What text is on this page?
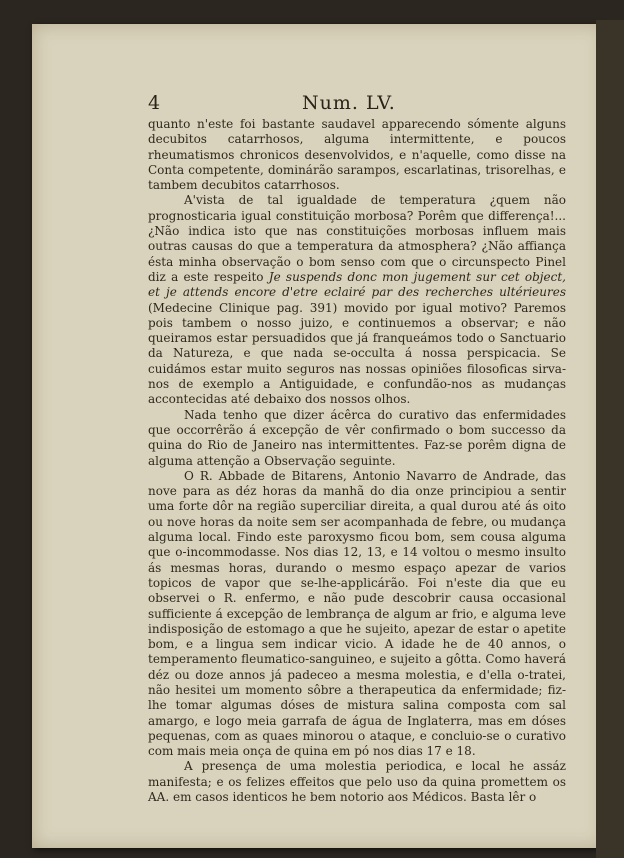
4	Num. LV.

quanto n'este foi bastante saudavel apparecendo sómente alguns decubitos catarrhosos, alguma intermittente, e poucos rheumatismos chronicos desenvolvidos, e n'aquelle, como disse na Conta competente, dominárão sarampos, escarlatinas, trisorelhas, e tambem decubitos catarrhosos.

A'vista de tal igualdade de temperatura ¿quem não prognosticaria igual constituição morbosa? Porêm que differença!...¿Não indica isto que nas constituições morbosas influem mais outras causas do que a temperatura da atmosphera? ¿Não affiança ésta minha observação o bom senso com que o circunspecto Pinel diz a este respeito Je suspends donc mon jugement sur cet object, et je attends encore d'etre eclairé par des recherches ultérieures (Medecine Clinique pag. 391) movido por igual motivo? Paremos pois tambem o nosso juizo, e continuemos a observar; e não queiramos estar persuadidos que já franqueámos todo o Sanctuario da Natureza, e que nada se-occulta á nossa perspicacia. Se cuidámos estar muito seguros nas nossas opiniões filosoficas sirva-nos de exemplo a Antiguidade, e confundão-nos as mudanças accontecidas até debaixo dos nossos olhos.

Nada tenho que dizer ácêrca do curativo das enfermidades que occorrêrão á excepção de vêr confirmado o bom successo da quina do Rio de Janeiro nas intermittentes. Faz-se porêm digna de alguma attenção a Observação seguinte.

O R. Abbade de Bitarens, Antonio Navarro de Andrade, das nove para as déz horas da manhã do dia onze principiou a sentir uma forte dôr na região superciliar direita, a qual durou até ás oito ou nove horas da noite sem ser acompanhada de febre, ou mudança alguma local. Findo este paroxysmo ficou bom, sem cousa alguma que o-incommodasse. Nos dias 12, 13, e 14 voltou o mesmo insulto ás mesmas horas, durando o mesmo espaço apezar de varios topicos de vapor que se-lhe-applicárão. Foi n'este dia que eu observei o R. enfermo, e não pude descobrir causa occasional sufficiente á excepção de lembrança de algum ar frio, e alguma leve indisposição de estomago a que he sujeito, apezar de estar o apetite bom, e a lingua sem indicar vicio. A idade he de 40 annos, o temperamento fleumatico-sanguineo, e sujeito a gôtta. Como haverá déz ou doze annos já padeceo a mesma molestia, e d'ella o-tratei, não hesitei um momento sôbre a therapeutica da enfermidade; fiz-lhe tomar algumas dóses de mistura salina composta com sal amargo, e logo meia garrafa de água de Inglaterra, mas em dóses pequenas, com as quaes minorou o ataque, e concluio-se o curativo com mais meia onça de quina em pó nos dias 17 e 18.

A presença de uma molestia periodica, e local he assáz manifesta; e os felizes effeitos que pelo uso da quina promettem os AA. em casos identicos he bem notorio aos Médicos. Basta lêr o
